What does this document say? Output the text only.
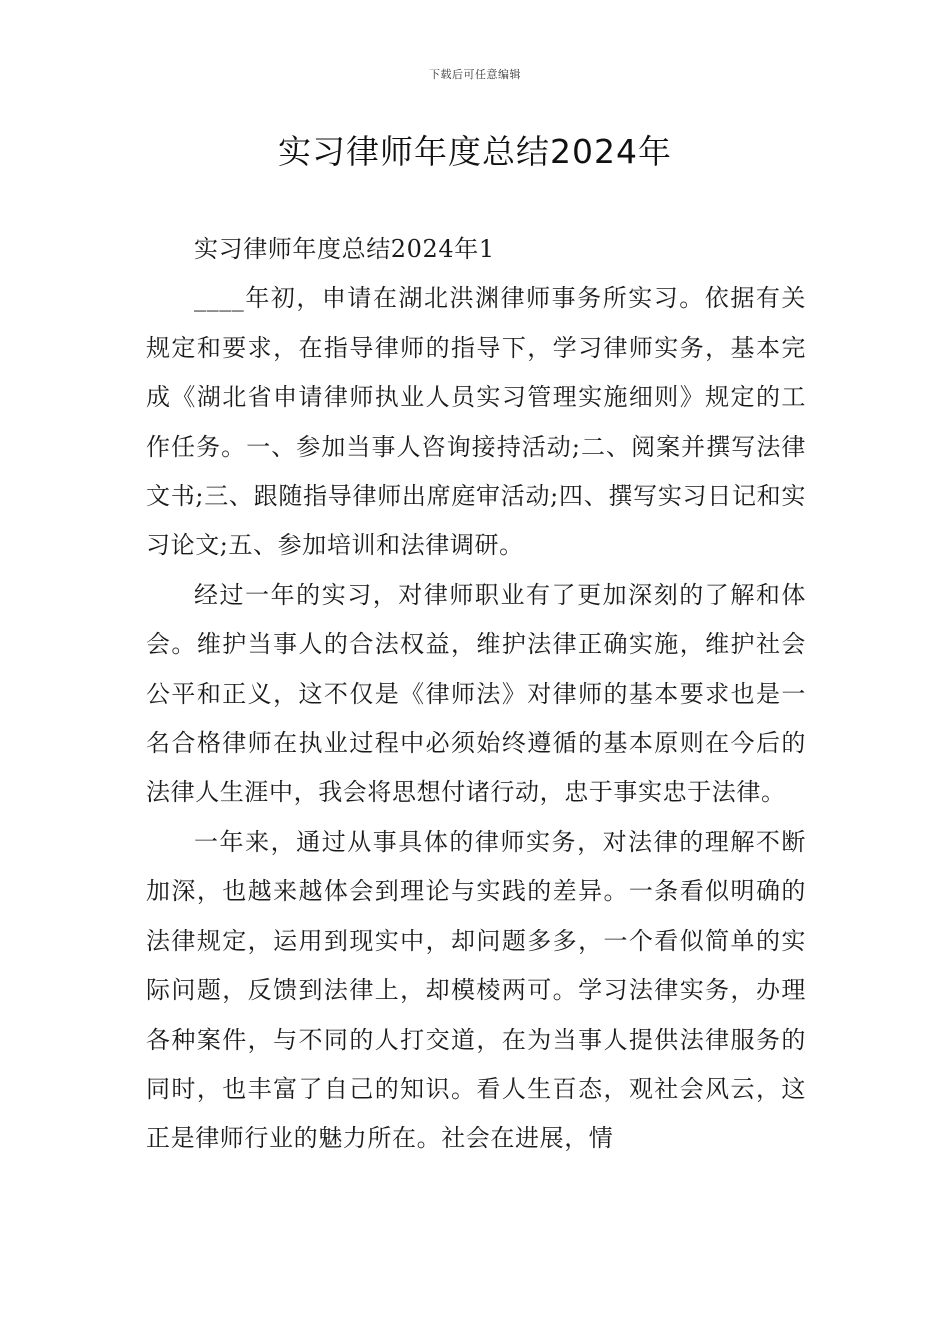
下载后可任意编辑
实习律师年度总结2024年

实习律师年度总结2024年1

____年初，申请在湖北洪渊律师事务所实习。依据有关规定和要求，在指导律师的指导下，学习律师实务，基本完成《湖北省申请律师执业人员实习管理实施细则》规定的工作任务。一、参加当事人咨询接持活动;二、阅案并撰写法律文书;三、跟随指导律师出席庭审活动;四、撰写实习日记和实习论文;五、参加培训和法律调研。

经过一年的实习，对律师职业有了更加深刻的了解和体会。维护当事人的合法权益，维护法律正确实施，维护社会公平和正义，这不仅是《律师法》对律师的基本要求也是一名合格律师在执业过程中必须始终遵循的基本原则在今后的法律人生涯中，我会将思想付诸行动，忠于事实忠于法律。

一年来，通过从事具体的律师实务，对法律的理解不断加深，也越来越体会到理论与实践的差异。一条看似明确的法律规定，运用到现实中，却问题多多，一个看似简单的实际问题，反馈到法律上，却模棱两可。学习法律实务，办理各种案件，与不同的人打交道，在为当事人提供法律服务的同时，也丰富了自己的知识。看人生百态，观社会风云，这正是律师行业的魅力所在。社会在进展，情
